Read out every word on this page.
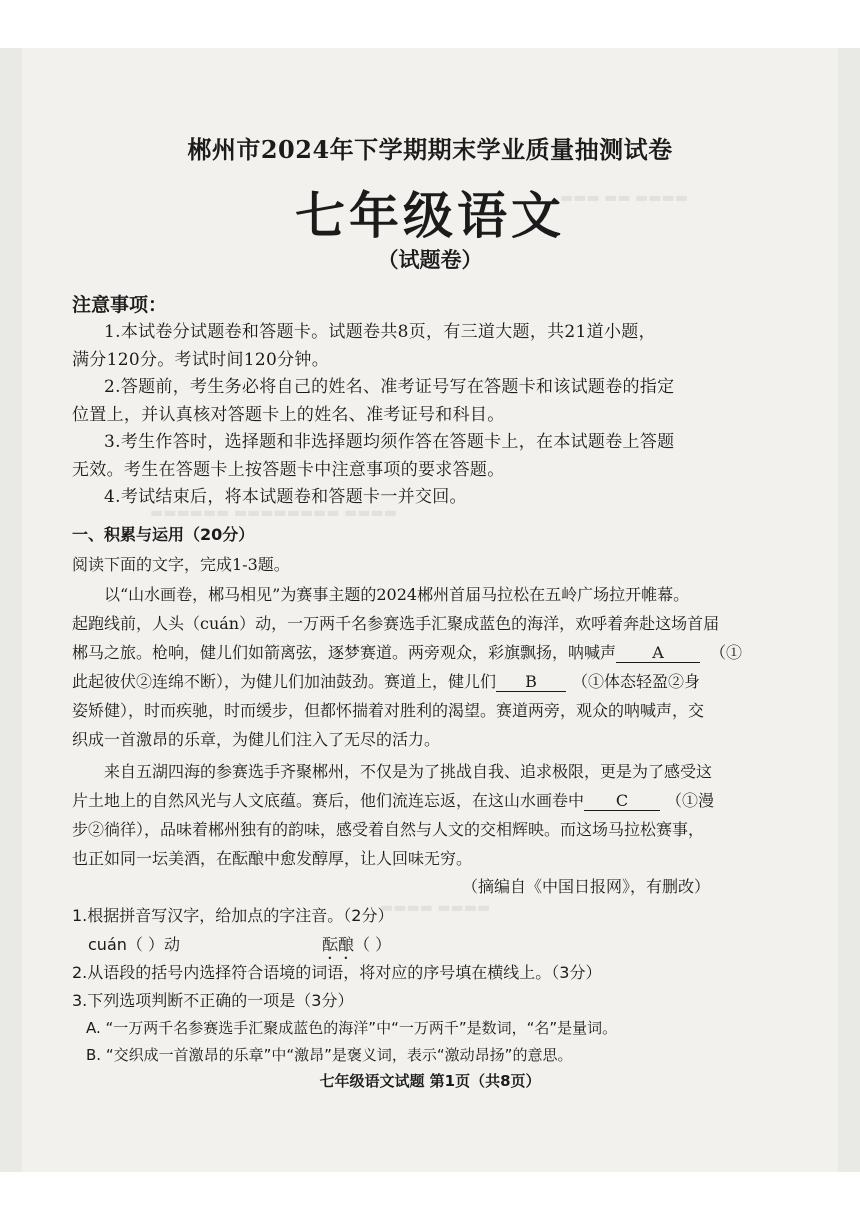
▬▬▬ ▬▬ ▬▬▬▬
▬▬▬▬▬▬ ▬▬▬▬▬▬▬▬ ▬▬▬▬
▬▬▬▬ ▬▬▬▬
郴州市2024年下学期期末学业质量抽测试卷
七年级语文
（试题卷）
注意事项：
1.本试卷分试题卷和答题卡。试题卷共8页，有三道大题，共21道小题，
满分120分。考试时间120分钟。
2.答题前，考生务必将自己的姓名、准考证号写在答题卡和该试题卷的指定
位置上，并认真核对答题卡上的姓名、准考证号和科目。
3.考生作答时，选择题和非选择题均须作答在答题卡上，在本试题卷上答题
无效。考生在答题卡上按答题卡中注意事项的要求答题。
4.考试结束后，将本试题卷和答题卡一并交回。
一、积累与运用（20分）
阅读下面的文字，完成1-3题。
以“山水画卷，郴马相见”为赛事主题的2024郴州首届马拉松在五岭广场拉开帷幕。
起跑线前，人头（cuán）动，一万两千名参赛选手汇聚成蓝色的海洋，欢呼着奔赴这场首届
郴马之旅。枪响，健儿们如箭离弦，逐梦赛道。两旁观众，彩旗飘扬，呐喊声 A	（①
此起彼伏②连绵不断），为健儿们加油鼓劲。赛道上，健儿们 B （①体态轻盈②身
姿矫健），时而疾驰，时而缓步，但都怀揣着对胜利的渴望。赛道两旁，观众的呐喊声，交
织成一首激昂的乐章，为健儿们注入了无尽的活力。
来自五湖四海的参赛选手齐聚郴州，不仅是为了挑战自我、追求极限，更是为了感受这
片土地上的自然风光与人文底蕴。赛后，他们流连忘返，在这山水画卷中 C （①漫
步②徜徉），品味着郴州独有的韵味，感受着自然与人文的交相辉映。而这场马拉松赛事，
也正如同一坛美酒，在酝酿中愈发醇厚，让人回味无穷。
（摘编自《中国日报网》，有删改）
1.根据拼音写汉字，给加点的字注音。（2分）
cuán（ ）动	酝酿（ ）
2.从语段的括号内选择符合语境的词语，将对应的序号填在横线上。（3分）
3.下列选项判断不正确的一项是（3分）
A. “一万两千名参赛选手汇聚成蓝色的海洋”中“一万两千”是数词，“名”是量词。
B. “交织成一首激昂的乐章”中“激昂”是褒义词，表示“激动昂扬”的意思。
七年级语文试题 第1页（共8页）
